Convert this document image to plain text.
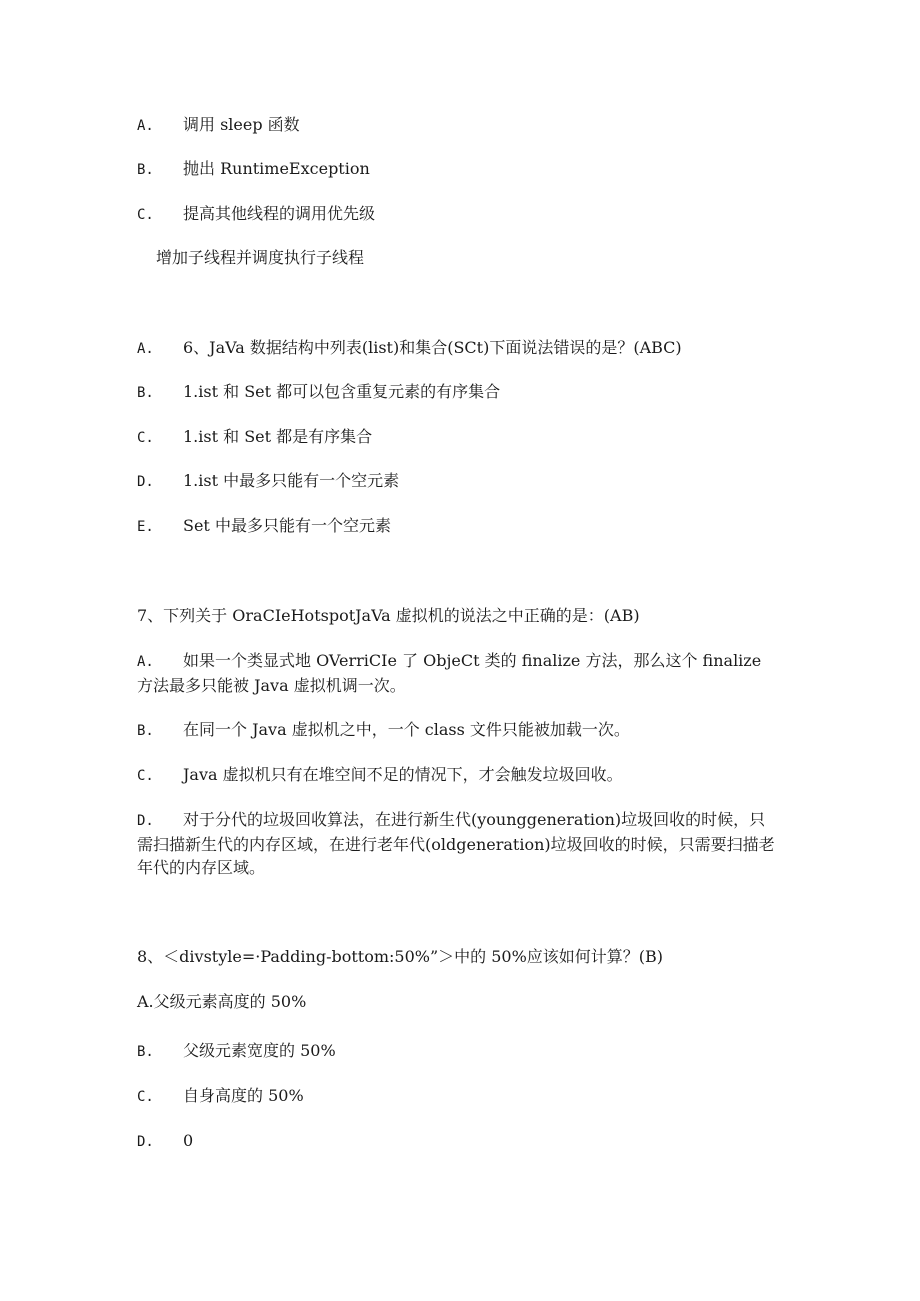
A. 调用 sleep 函数
B. 抛出 RuntimeException
C. 提高其他线程的调用优先级
增加子线程并调度执行子线程
A. 6、JaVa 数据结构中列表(list)和集合(SCt)下面说法错误的是？(ABC)
B. 1.ist 和 Set 都可以包含重复元素的有序集合
C. 1.ist 和 Set 都是有序集合
D. 1.ist 中最多只能有一个空元素
E. Set 中最多只能有一个空元素
7、下列关于 OraCIeHotspotJaVa 虚拟机的说法之中正确的是：(AB)
A. 如果一个类显式地 OVerriCIe 了 ObjeCt 类的 finalize 方法，那么这个 finalize 方法最多只能被 Java 虚拟机调一次。
B. 在同一个 Java 虚拟机之中，一个 class 文件只能被加载一次。
C. Java 虚拟机只有在堆空间不足的情况下，才会触发垃圾回收。
D. 对于分代的垃圾回收算法，在进行新生代(younggeneration)垃圾回收的时候，只需扫描新生代的内存区域，在进行老年代(oldgeneration)垃圾回收的时候，只需要扫描老年代的内存区域。
8、＜divstyle=·Padding-bottom:50%”＞中的 50%应该如何计算？(B)
A.父级元素高度的 50%
B. 父级元素宽度的 50%
C. 自身高度的 50%
D. 0
